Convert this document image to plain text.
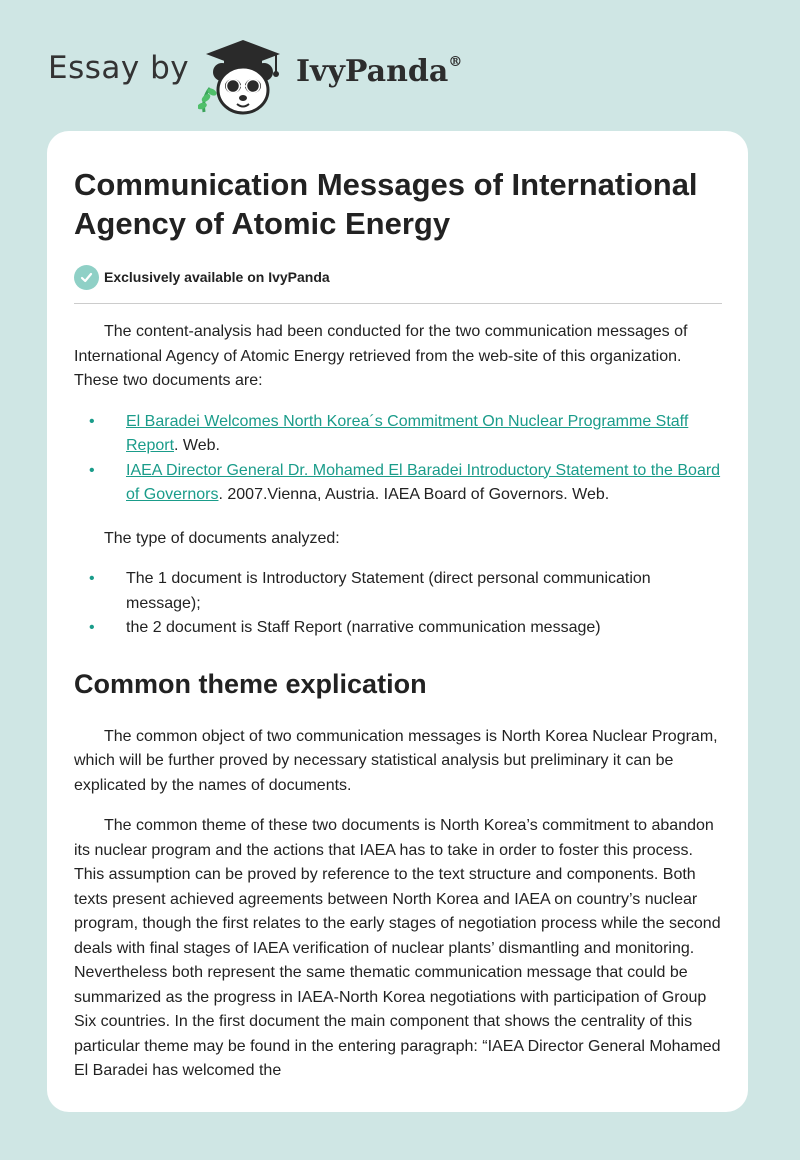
Essay by	IvyPanda®
Communication Messages of International Agency of Atomic Energy
Exclusively available on IvyPanda

The content-analysis had been conducted for the two communication messages of International Agency of Atomic Energy retrieved from the web-site of this organization. These two documents are:

• El Baradei Welcomes North Korea´s Commitment On Nuclear Programme Staff Report. Web.
• IAEA Director General Dr. Mohamed El Baradei Introductory Statement to the Board of Governors. 2007.Vienna, Austria. IAEA Board of Governors. Web.

The type of documents analyzed:

• The 1 document is Introductory Statement (direct personal communication message);
• the 2 document is Staff Report (narrative communication message)
Common theme explication

The common object of two communication messages is North Korea Nuclear Program, which will be further proved by necessary statistical analysis but preliminary it can be explicated by the names of documents.

The common theme of these two documents is North Korea’s commitment to abandon its nuclear program and the actions that IAEA has to take in order to foster this process. This assumption can be proved by reference to the text structure and components. Both texts present achieved agreements between North Korea and IAEA on country’s nuclear program, though the first relates to the early stages of negotiation process while the second deals with final stages of IAEA verification of nuclear plants’ dismantling and monitoring. Nevertheless both represent the same thematic communication message that could be summarized as the progress in IAEA-North Korea negotiations with participation of Group Six countries. In the first document the main component that shows the centrality of this particular theme may be found in the entering paragraph: “IAEA Director General Mohamed El Baradei has welcomed the
